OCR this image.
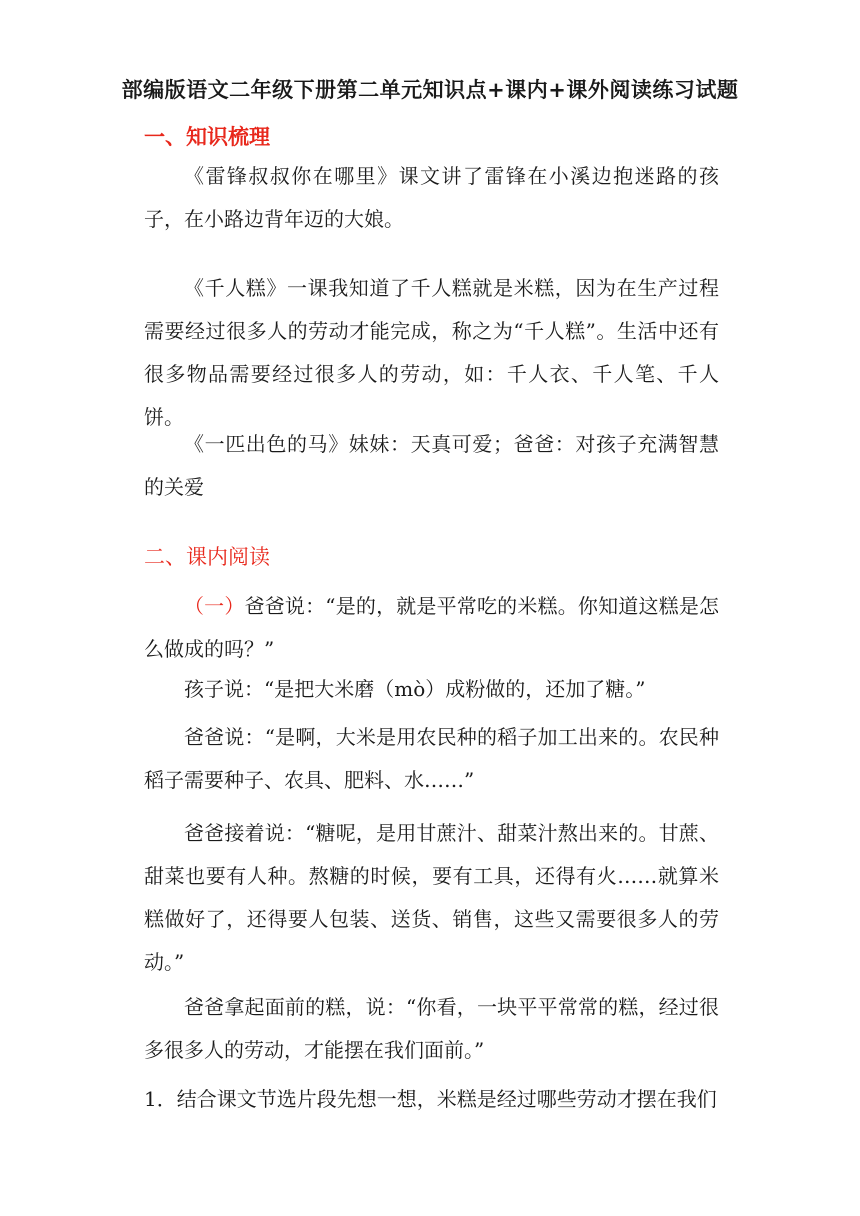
部编版语文二年级下册第二单元知识点+课内+课外阅读练习试题
一、知识梳理

《雷锋叔叔你在哪里》课文讲了雷锋在小溪边抱迷路的孩子，在小路边背年迈的大娘。

《千人糕》一课我知道了千人糕就是米糕，因为在生产过程需要经过很多人的劳动才能完成，称之为“千人糕”。生活中还有很多物品需要经过很多人的劳动，如：千人衣、千人笔、千人饼。

《一匹出色的马》妹妹：天真可爱；爸爸：对孩子充满智慧的关爱

二、课内阅读

（一）爸爸说：“是的，就是平常吃的米糕。你知道这糕是怎么做成的吗？”

孩子说：“是把大米磨（mò）成粉做的，还加了糖。”

爸爸说：“是啊，大米是用农民种的稻子加工出来的。农民种稻子需要种子、农具、肥料、水……”

爸爸接着说：“糖呢，是用甘蔗汁、甜菜汁熬出来的。甘蔗、甜菜也要有人种。熬糖的时候，要有工具，还得有火……就算米糕做好了，还得要人包装、送货、销售，这些又需要很多人的劳动。”

爸爸拿起面前的糕，说：“你看，一块平平常常的糕，经过很多很多人的劳动，才能摆在我们面前。”

1．结合课文节选片段先想一想，米糕是经过哪些劳动才摆在我们
